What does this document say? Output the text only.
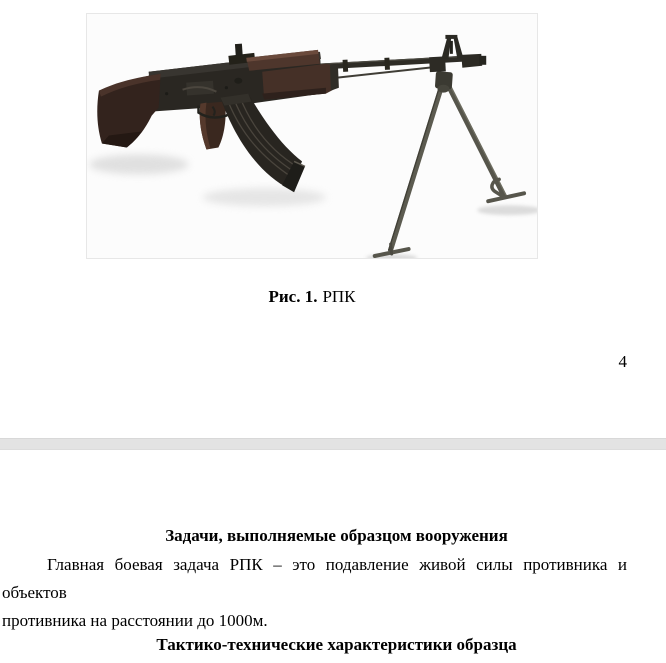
Рис. 1. РПК
4
Задачи, выполняемые образцом вооружения

Главная боевая задача РПК – это подавление живой силы противника и объектов
противника на расстоянии до 1000м.

Тактико-технические характеристики образца
